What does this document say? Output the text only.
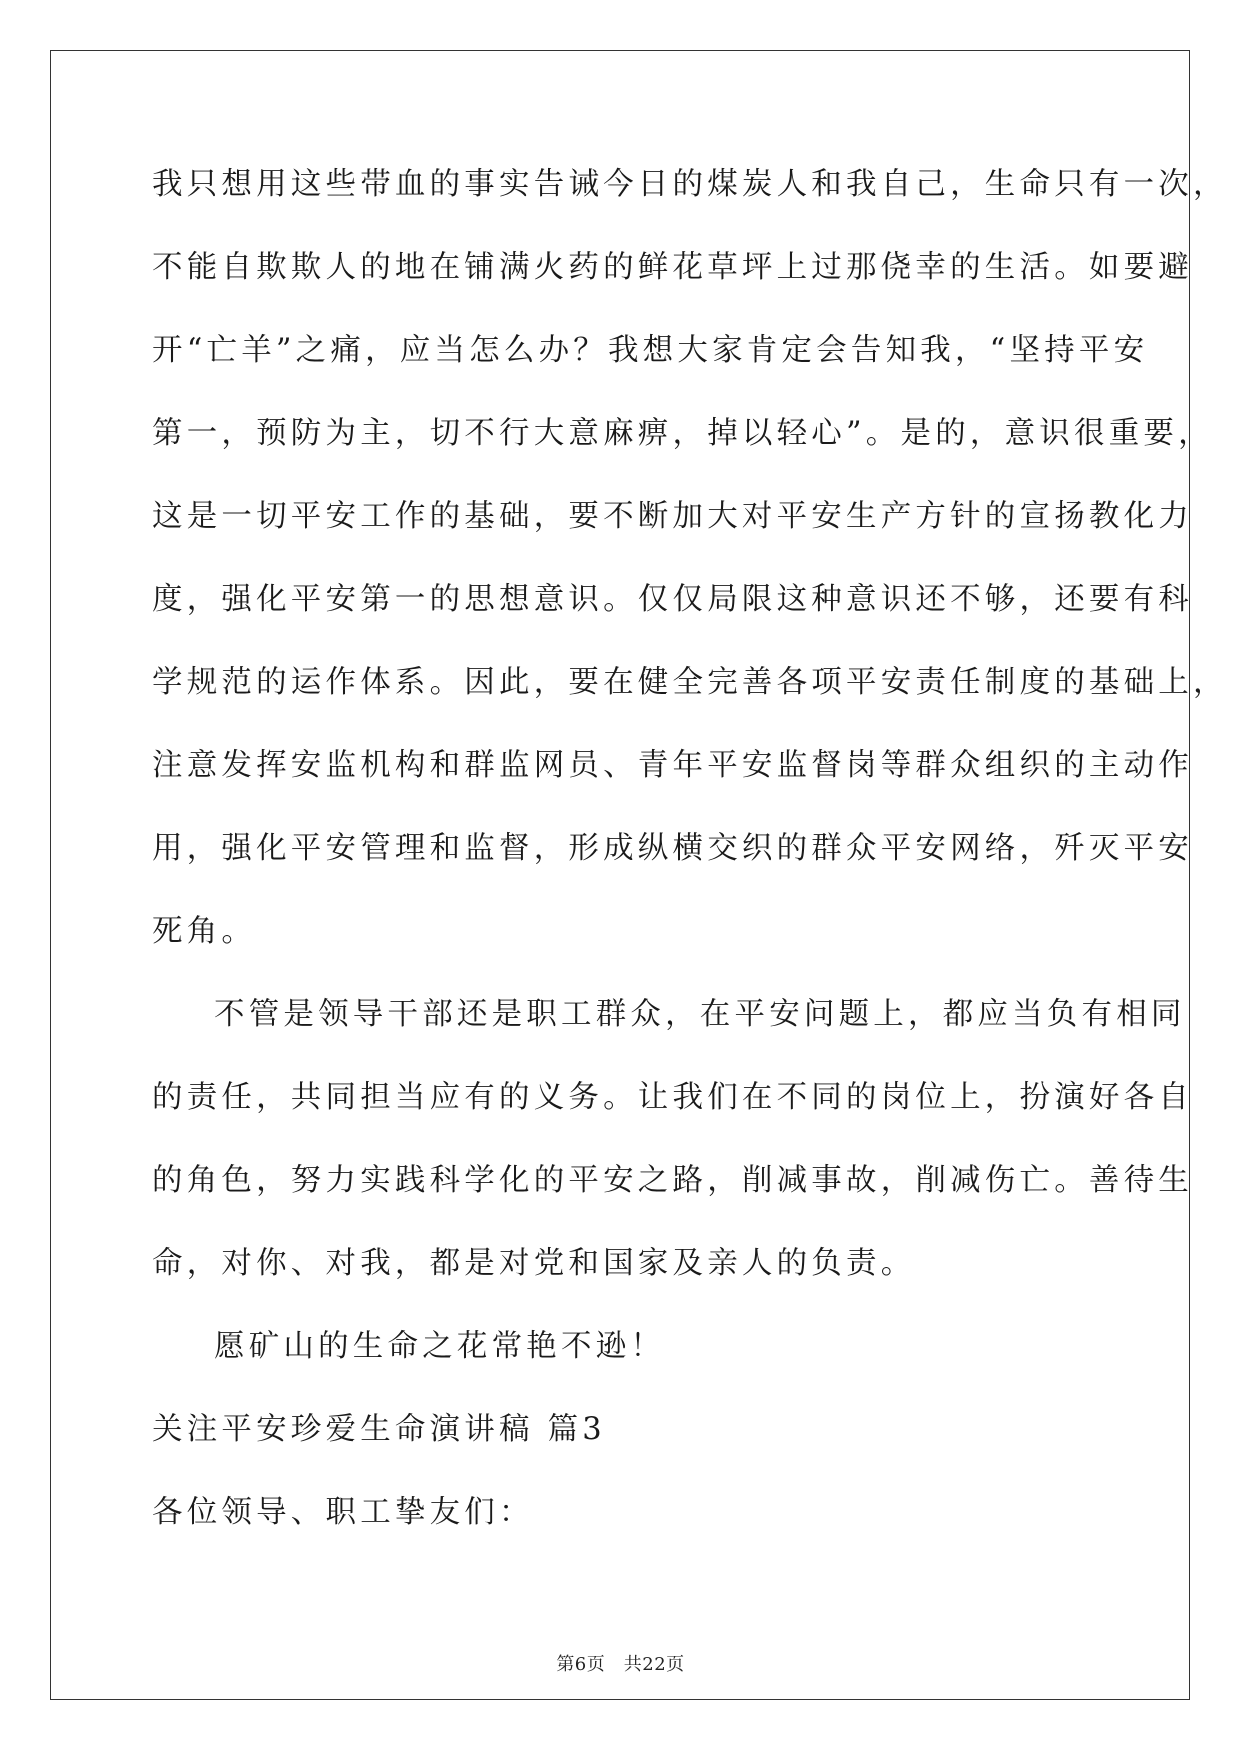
我只想用这些带血的事实告诫今日的煤炭人和我自己，生命只有一次，
不能自欺欺人的地在铺满火药的鲜花草坪上过那侥幸的生活。如要避
开“亡羊”之痛，应当怎么办？我想大家肯定会告知我，“坚持平安
第一，预防为主，切不行大意麻痹，掉以轻心”。是的，意识很重要，
这是一切平安工作的基础，要不断加大对平安生产方针的宣扬教化力
度，强化平安第一的思想意识。仅仅局限这种意识还不够，还要有科
学规范的运作体系。因此，要在健全完善各项平安责任制度的基础上，
注意发挥安监机构和群监网员、青年平安监督岗等群众组织的主动作
用，强化平安管理和监督，形成纵横交织的群众平安网络，歼灭平安
死角。
不管是领导干部还是职工群众，在平安问题上，都应当负有相同
的责任，共同担当应有的义务。让我们在不同的岗位上，扮演好各自
的角色，努力实践科学化的平安之路，削减事故，削减伤亡。善待生
命，对你、对我，都是对党和国家及亲人的负责。
愿矿山的生命之花常艳不逊！
关注平安珍爱生命演讲稿 篇3
各位领导、职工挚友们：
第6页　共22页
